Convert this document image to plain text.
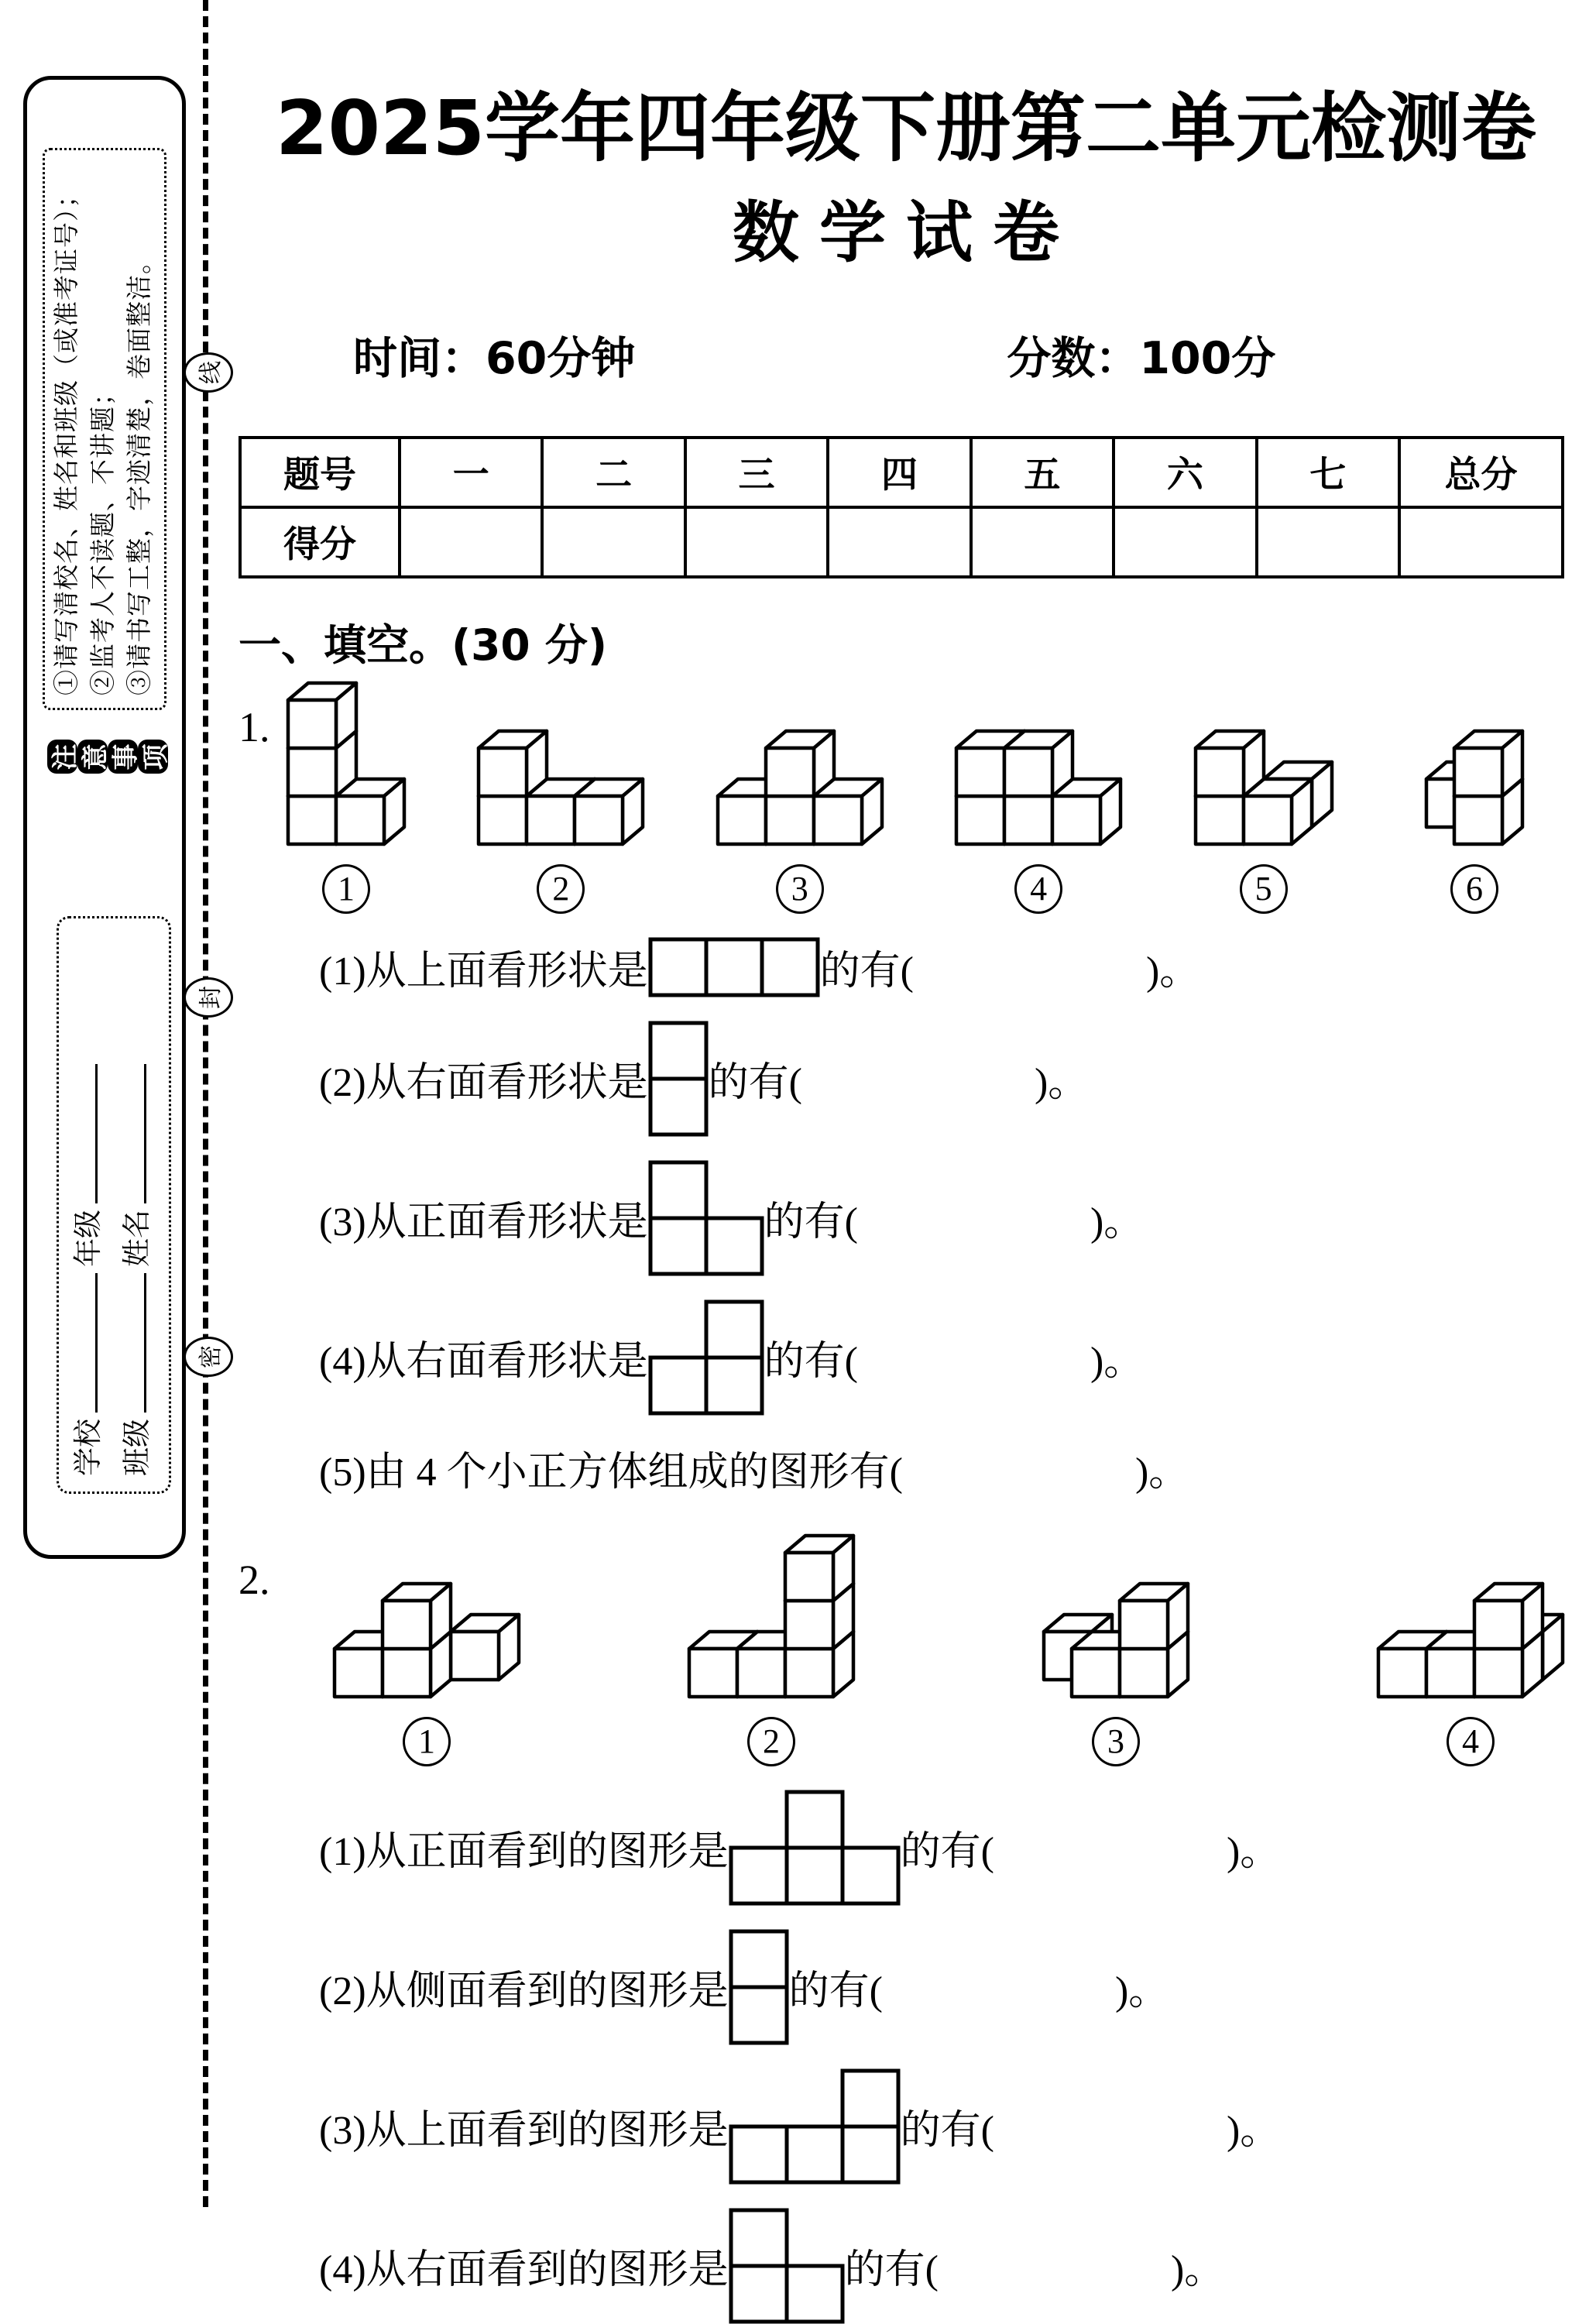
①请写清校名、姓名和班级（或准考证号）； ②监考人不读题、不讲题； ③请书写工整，字迹清楚，卷面整洁。
注 意 事 项
学校年级
班级姓名
线
封
密
2025学年四年级下册第二单元检测卷
数学试卷
时间：60分钟	分数：100分
题号	一	二	三	四	五	六	七	总分
得分								
一、填空。(30 分)
1.
1	2	3	4	5	6
(1)从上面看形状是	的有(	)。
(2)从右面看形状是 的有(	)。
(3)从正面看形状是	的有(	)。
(4)从右面看形状是	的有(	)。
(5)由 4 个小正方体组成的图形有(	)。
2.
1	2	3	4
(1)从正面看到的图形是	的有(	)。
(2)从侧面看到的图形是 的有(	)。
(3)从上面看到的图形是	的有(	)。
(4)从右面看到的图形是	的有(	)。
